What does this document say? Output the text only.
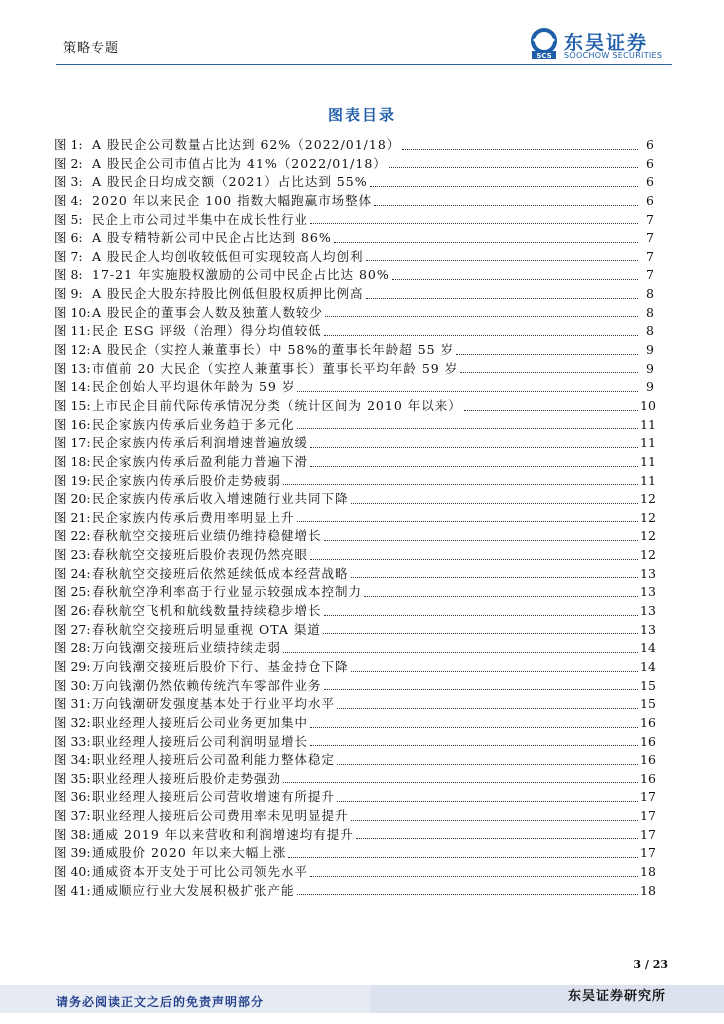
策略专题	SCS
东吴证券
SOOCHOW SECURITIES
-
图表目录
图 1: A 股民企公司数量占比达到 62%（2022/01/18）	6
图 2: A 股民企公司市值占比为 41%（2022/01/18）	6
图 3: A 股民企日均成交额（2021）占比达到 55%	6
图 4: 2020 年以来民企 100 指数大幅跑赢市场整体	6
图 5: 民企上市公司过半集中在成长性行业	7
图 6: A 股专精特新公司中民企占比达到 86%	7
图 7: A 股民企人均创收较低但可实现较高人均创利	7
图 8: 17-21 年实施股权激励的公司中民企占比达 80%	7
图 9: A 股民企大股东持股比例低但股权质押比例高	8
图 10: A 股民企的董事会人数及独董人数较少	8
图 11: 民企 ESG 评级（治理）得分均值较低	8
图 12: A 股民企（实控人兼董事长）中 58%的董事长年龄超 55 岁	9
图 13: 市值前 20 大民企（实控人兼董事长）董事长平均年龄 59 岁	9
图 14: 民企创始人平均退休年龄为 59 岁	9
图 15: 上市民企目前代际传承情况分类（统计区间为 2010 年以来）	10
图 16: 民企家族内传承后业务趋于多元化	11
图 17: 民企家族内传承后利润增速普遍放缓	11
图 18: 民企家族内传承后盈利能力普遍下滑	11
图 19: 民企家族内传承后股价走势疲弱	11
图 20: 民企家族内传承后收入增速随行业共同下降	12
图 21: 民企家族内传承后费用率明显上升	12
图 22: 春秋航空交接班后业绩仍维持稳健增长	12
图 23: 春秋航空交接班后股价表现仍然亮眼	12
图 24: 春秋航空交接班后依然延续低成本经营战略	13
图 25: 春秋航空净利率高于行业显示较强成本控制力	13
图 26: 春秋航空飞机和航线数量持续稳步增长	13
图 27: 春秋航空交接班后明显重视 OTA 渠道	13
图 28: 万向钱潮交接班后业绩持续走弱	14
图 29: 万向钱潮交接班后股价下行、基金持仓下降	14
图 30: 万向钱潮仍然依赖传统汽车零部件业务	15
图 31: 万向钱潮研发强度基本处于行业平均水平	15
图 32: 职业经理人接班后公司业务更加集中	16
图 33: 职业经理人接班后公司利润明显增长	16
图 34: 职业经理人接班后公司盈利能力整体稳定	16
图 35: 职业经理人接班后股价走势强劲	16
图 36: 职业经理人接班后公司营收增速有所提升	17
图 37: 职业经理人接班后公司费用率未见明显提升	17
图 38: 通威 2019 年以来营收和利润增速均有提升	17
图 39: 通威股价 2020 年以来大幅上涨	17
图 40: 通威资本开支处于可比公司领先水平	18
图 41: 通威顺应行业大发展积极扩张产能	18
3 / 23
请务必阅读正文之后的免责声明部分	东吴证券研究所
